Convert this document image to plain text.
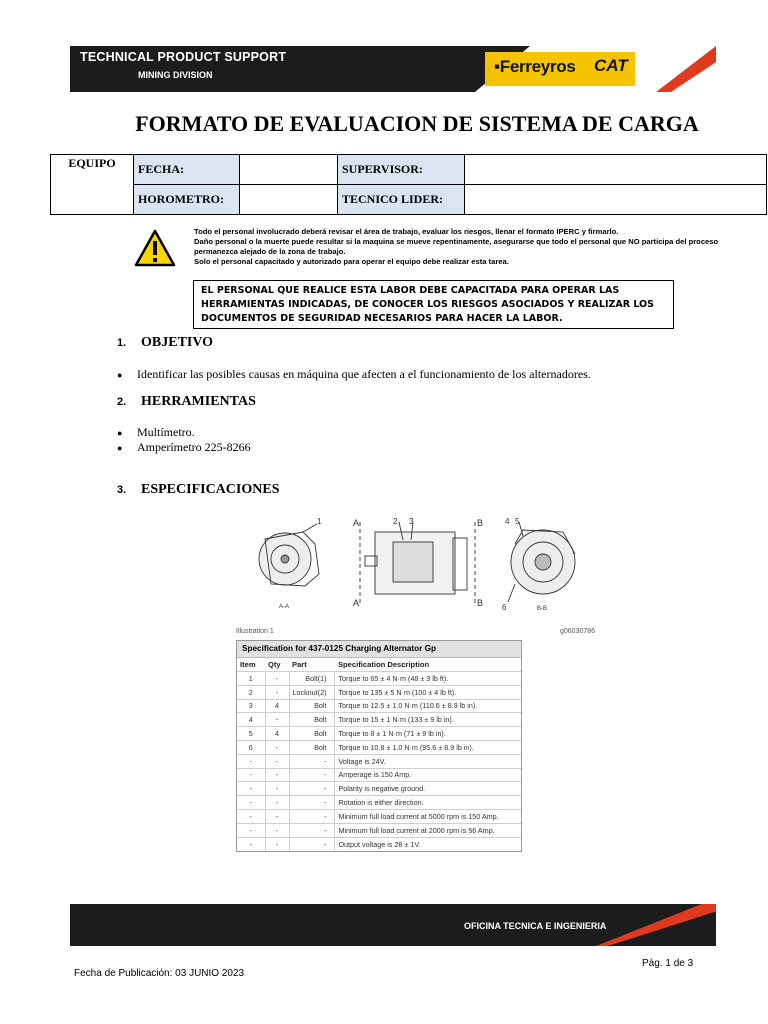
TECHNICAL PRODUCT SUPPORT
MINING DIVISION	▪Ferreyros CAT
FORMATO DE EVALUACION DE SISTEMA DE CARGA
EQUIPO	FECHA:		SUPERVISOR:	
	HOROMETRO:		TECNICO LIDER:	
Todo el personal involucrado deberá revisar el área de trabajo, evaluar los riesgos, llenar el formato IPERC y firmarlo.
Daño personal o la muerte puede resultar si la maquina se mueve repentinamente, asegurarse que todo el personal que NO participa del proceso permanezca alejado de la zona de trabajo.
Solo el personal capacitado y autorizado para operar el equipo debe realizar esta tarea.
EL PERSONAL QUE REALICE ESTA LABOR DEBE CAPACITADA PARA OPERAR LAS HERRAMIENTAS INDICADAS, DE CONOCER LOS RIESGOS ASOCIADOS Y REALIZAR LOS DOCUMENTOS DE SEGURIDAD NECESARIOS PARA HACER LA LABOR.
1. OBJETIVO
● Identificar las posibles causas en máquina que afecten a el funcionamiento de los alternadores.
2. HERRAMIENTAS
● Multímetro.
● Amperímetro 225-8266
3. ESPECIFICACIONES
1	2 3
A
A
B
B
4 5
6
A-A	B-B
Illustration 1	g06030786
Specification for 437-0125 Charging Alternator Gp
Item	Qty	Part	Specification Description
1	-	Bolt(1)	Torque to 65 ± 4 N·m (48 ± 3 lb ft).
2	-	Locknut(2)	Torque to 135 ± 5 N·m (100 ± 4 lb ft).
3	4	Bolt	Torque to 12.5 ± 1.0 N·m (110.6 ± 8.9 lb in).
4	-	Bolt	Torque to 15 ± 1 N·m (133 ± 9 lb in).
5	4	Bolt	Torque to 8 ± 1 N·m (71 ± 9 lb in).
6	-	Bolt	Torque to 10.8 ± 1.0 N·m (95.6 ± 8.9 lb in).
-	-	-	Voltage is 24V.
-	-	-	Amperage is 150 Amp.
-	-	-	Polarity is negative ground.
-	-	-	Rotation is either direction.
-	-	-	Minimum full load current at 5000 rpm is 150 Amp.
-	-	-	Minimum full load current at 2000 rpm is 56 Amp.
-	-	-	Output voltage is 28 ± 1V.
OFICINA TECNICA E INGENIERIA
Pág. 1 de 3
Fecha de Publicación: 03 JUNIO 2023
